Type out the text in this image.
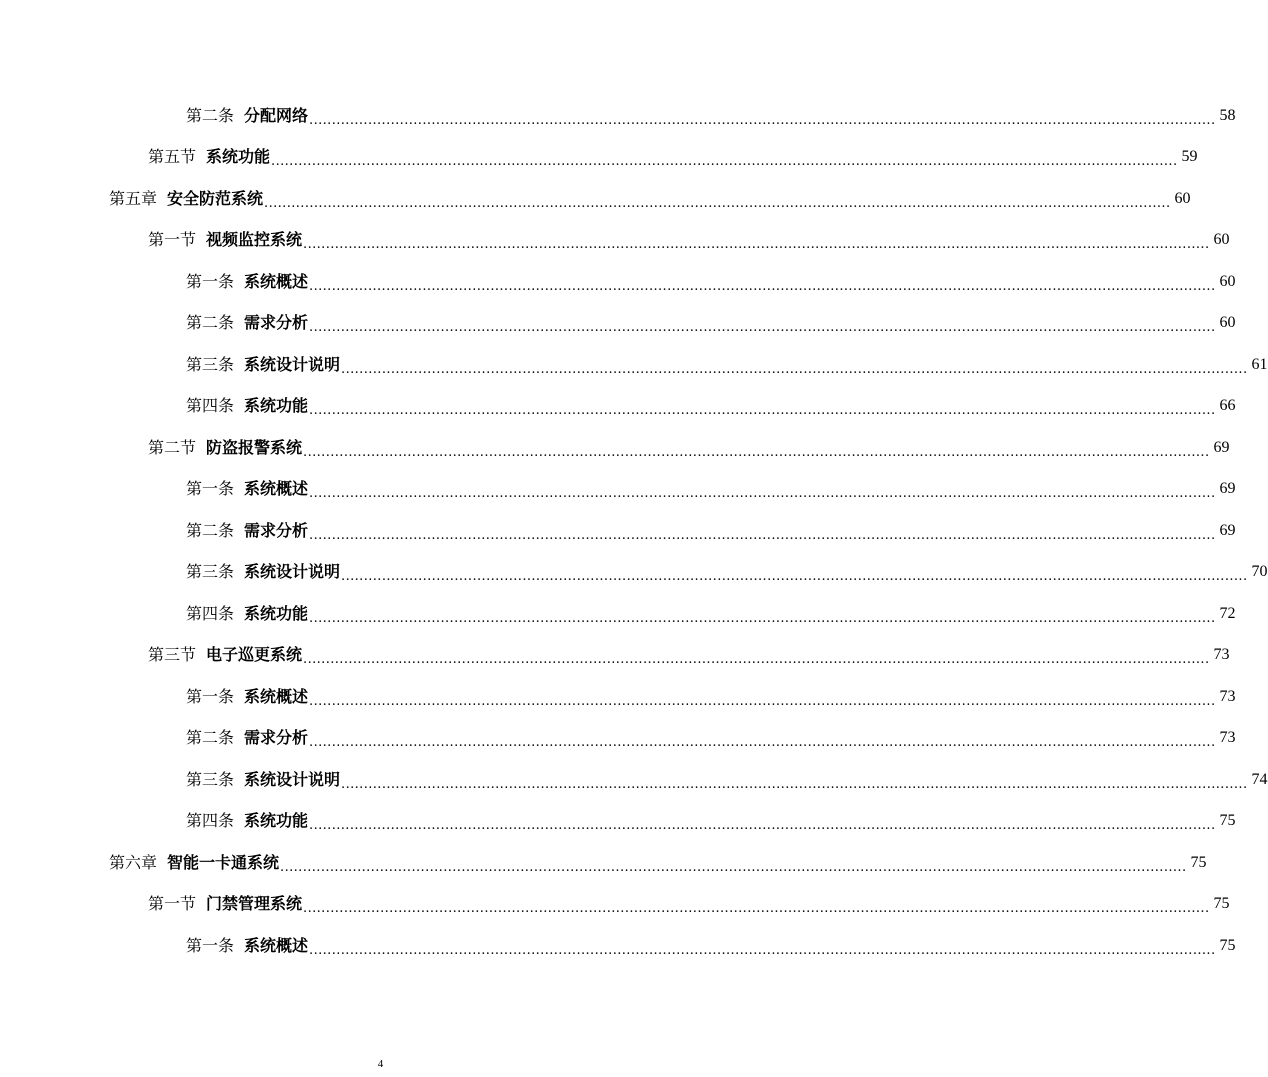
第二条 分配网络 ........................................................................................................................................................................................................ 58
第五节 系统功能 ........................................................................................................................................................................................................ 59
第五章 安全防范系统 ........................................................................................................................................................................................................ 60
第一节 视频监控系统 ........................................................................................................................................................................................................ 60
第一条 系统概述 ........................................................................................................................................................................................................ 60
第二条 需求分析 ........................................................................................................................................................................................................ 60
第三条 系统设计说明 ........................................................................................................................................................................................................ 61
第四条 系统功能 ........................................................................................................................................................................................................ 66
第二节 防盗报警系统 ........................................................................................................................................................................................................ 69
第一条 系统概述 ........................................................................................................................................................................................................ 69
第二条 需求分析 ........................................................................................................................................................................................................ 69
第三条 系统设计说明 ........................................................................................................................................................................................................ 70
第四条 系统功能 ........................................................................................................................................................................................................ 72
第三节 电子巡更系统 ........................................................................................................................................................................................................ 73
第一条 系统概述 ........................................................................................................................................................................................................ 73
第二条 需求分析 ........................................................................................................................................................................................................ 73
第三条 系统设计说明 ........................................................................................................................................................................................................ 74
第四条 系统功能 ........................................................................................................................................................................................................ 75
第六章 智能一卡通系统 ........................................................................................................................................................................................................ 75
第一节 门禁管理系统 ........................................................................................................................................................................................................ 75
第一条 系统概述 ........................................................................................................................................................................................................ 75
4
